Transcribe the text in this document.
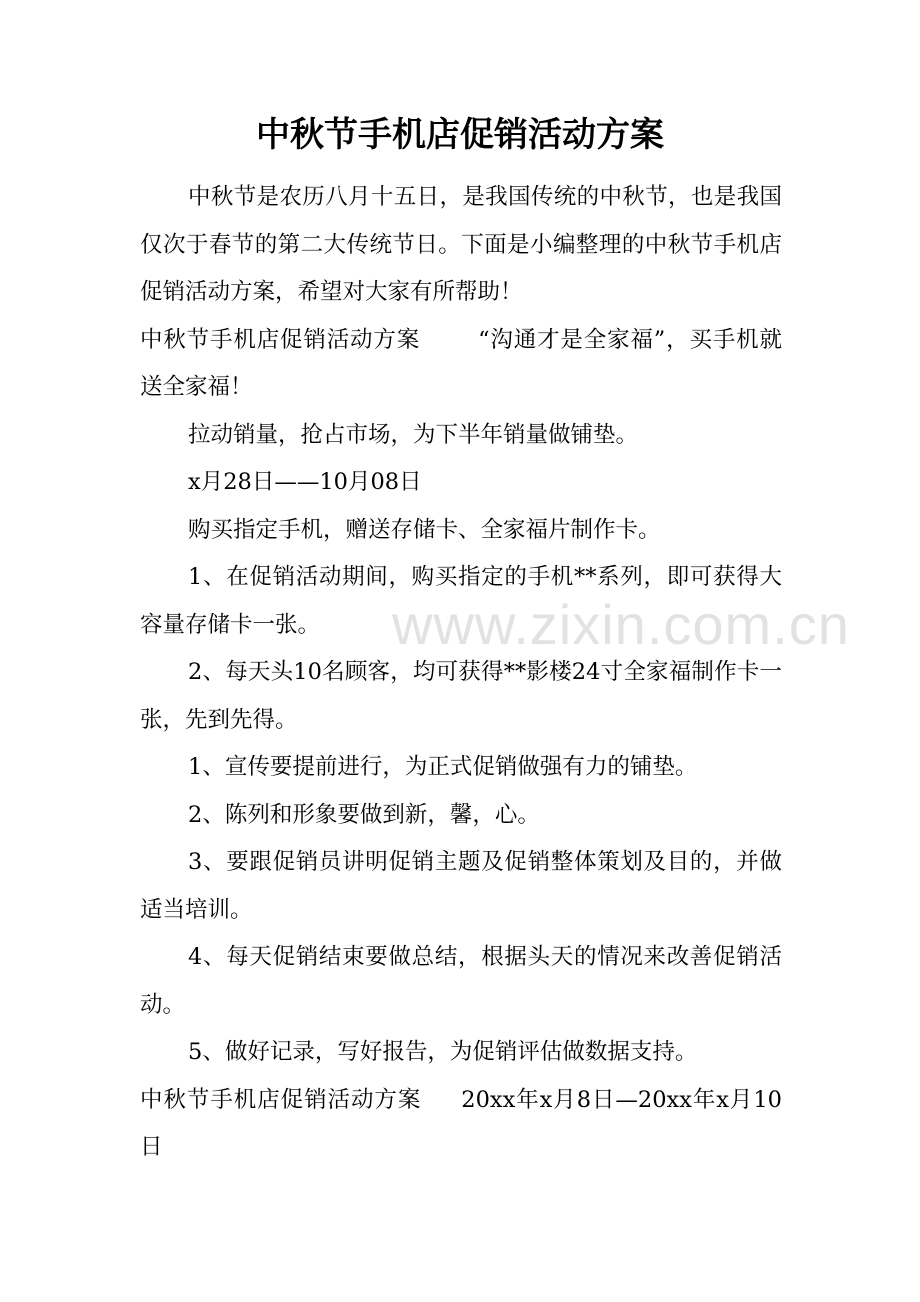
中秋节手机店促销活动方案

中秋节是农历八月十五日，是我国传统的中秋节，也是我国仅次于春节的第二大传统节日。下面是小编整理的中秋节手机店促销活动方案，希望对大家有所帮助！

中秋节手机店促销活动方案	“沟通才是全家福”，买手机就送全家福！

拉动销量，抢占市场，为下半年销量做铺垫。

x月28日——10月08日

购买指定手机，赠送存储卡、全家福片制作卡。

1、在促销活动期间，购买指定的手机**系列，即可获得大容量存储卡一张。

2、每天头10名顾客，均可获得**影楼24寸全家福制作卡一张，先到先得。

1、宣传要提前进行，为正式促销做强有力的铺垫。

2、陈列和形象要做到新，馨，心。

3、要跟促销员讲明促销主题及促销整体策划及目的，并做适当培训。

4、每天促销结束要做总结，根据头天的情况来改善促销活动。

5、做好记录，写好报告，为促销评估做数据支持。

中秋节手机店促销活动方案 20xx年x月8日—20xx年x月10日

www.zixin.com.cn
